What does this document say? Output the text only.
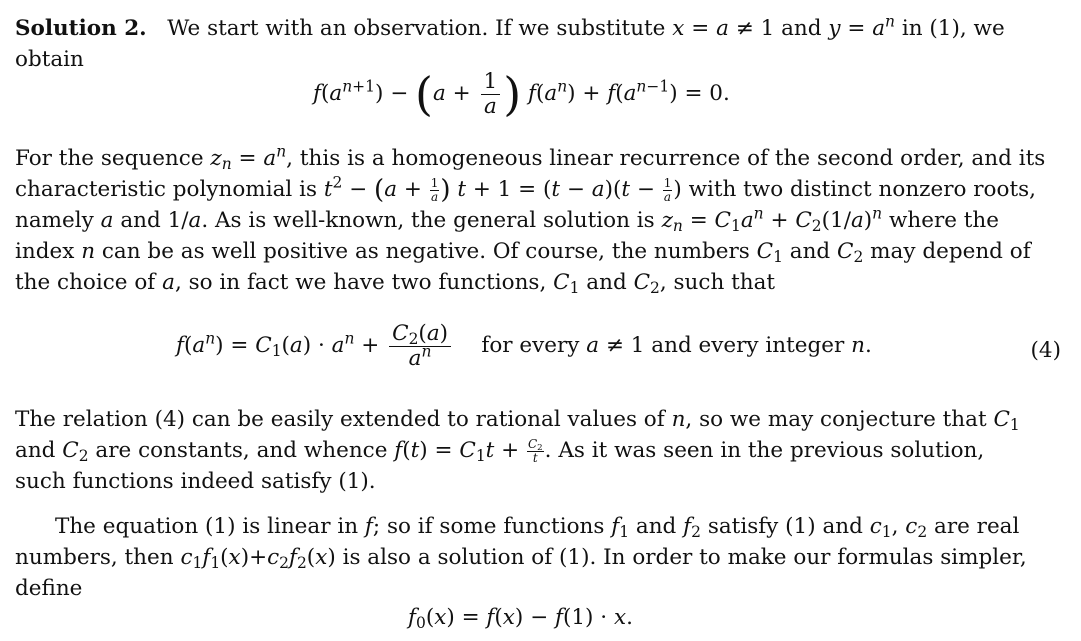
Solution 2. We start with an observation. If we substitute x = a ≠ 1 and $y = a^n$ in (1), we
obtain
$f(a^{n+1}) - (a + \frac{1}{a}$ ) $f(a^n) + f(a^{n-1}) = 0$.
For the sequence $z_n = a^n$, this is a homogeneous linear recurrence of the second order, and its
characteristic polynomial is $t^2 - (a + \frac{1}{a}$ ) $t + 1 = (t - a)(t - \frac{1}{a}$ ) with two distinct nonzero roots,
namely a and 1/a. As is well-known, the general solution is $z_n = C_1a^n + C_2(1/a)^n$ where the
index n can be as well positive as negative. Of course, the numbers $C_1$ and $C_2$ may depend of
the choice of a, so in fact we have two functions, $C_1$ and $C_2$, such that
$f(a^n) = C_1(a) \cdot a^n + \frac{C_2(a)}{a^n}$ for every a ≠ 1 and every integer n.	(4)
The relation (4) can be easily extended to rational values of n, so we may conjecture that $C_1$
and $C_2$ are constants, and whence $f(t) = C_1t + \frac{C_2}{t}$ . As it was seen in the previous solution,
such functions indeed satisfy (1).
The equation (1) is linear in f; so if some functions $f_1$ and $f_2$ satisfy (1) and $c_1$, $c_2$ are real
numbers, then $c_1f_1(x)+c_2f_2(x)$ is also a solution of (1). In order to make our formulas simpler,
define
$f_0(x) = f(x) - f(1) \cdot x$.
